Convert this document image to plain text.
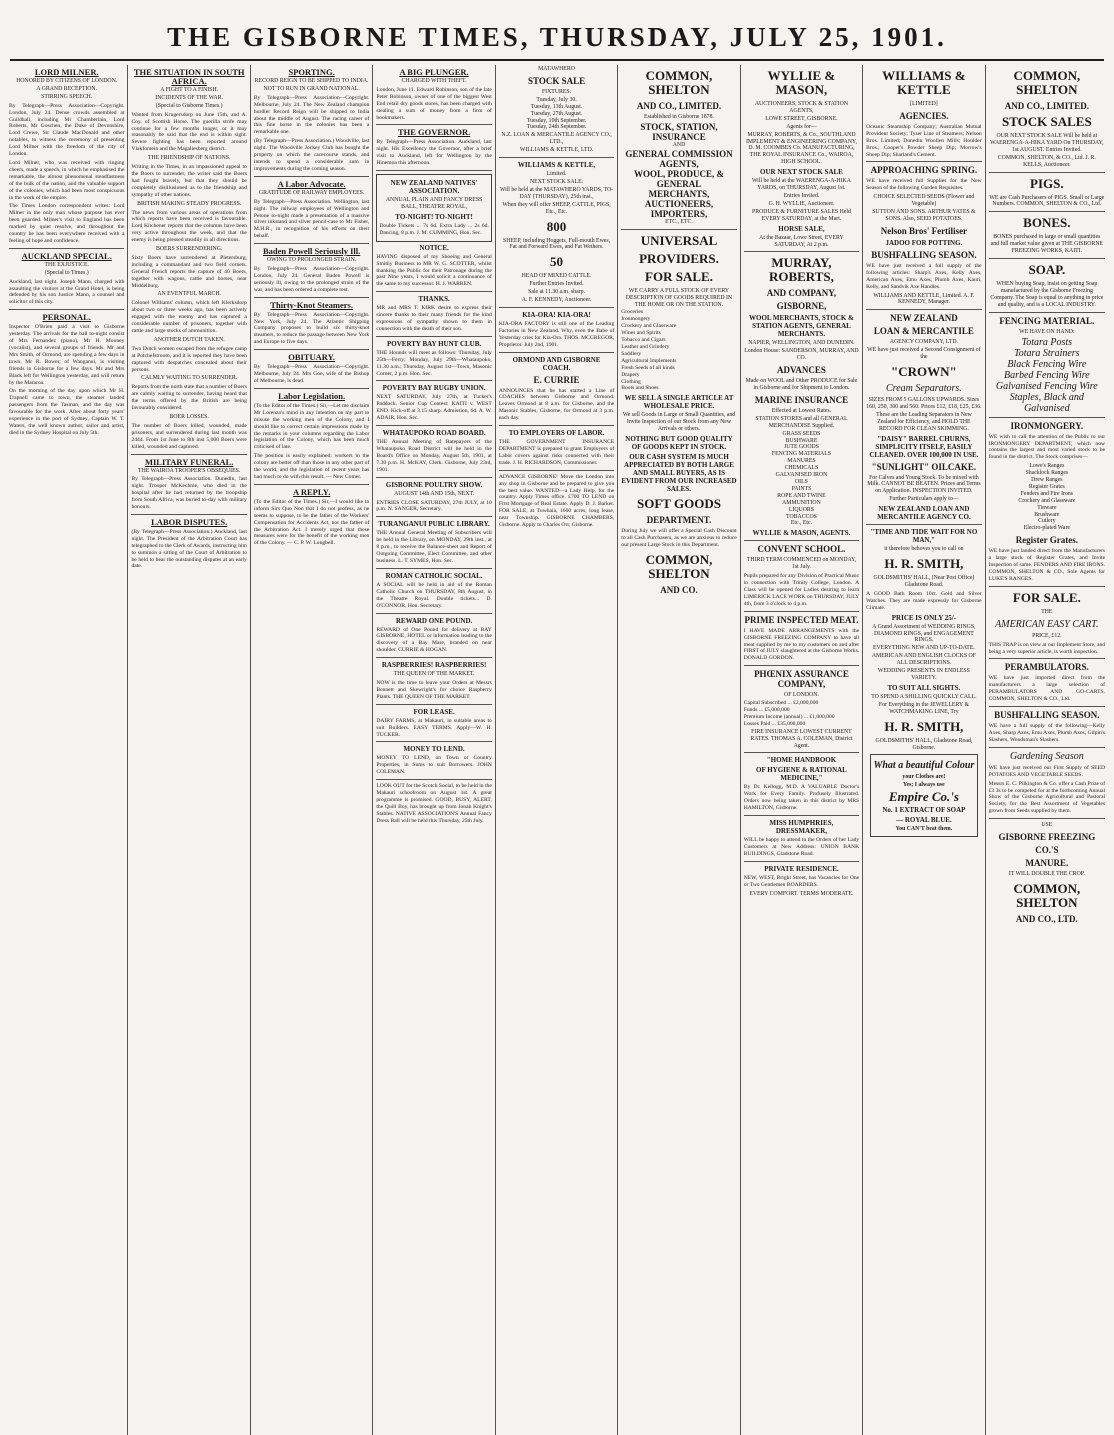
THE GISBORNE TIMES, THURSDAY, JULY 25, 1901.
LORD MILNER.
HONORED BY CITIZENS OF LONDON.
A GRAND RECEPTION.
STIRRING SPEECH.
By Telegraph—Press Association—Copyright. London, July 24. Dense crowds assembled at Guildhall, including Mr Chamberlain, Lord Roberts, Mr Goschen, the Duke of Devonshire, Lord Crewe, Sir Claude MacDonald and other notables, to witness the ceremony of presenting Lord Milner with the freedom of the city of London.
Lord Milner, who was received with ringing cheers, made a speech, in which he emphasised the remarkable, the almost phenomenal steadfastness of the bulk of the nation, and the valuable support of the colonies, which had been most conspicuous in the work of the empire.
The Times London correspondent writes: Lord Milner in the only man whose purpose has ever been guarded. Milner's visit to England has been marked by quiet resolve, and throughout the country he has been everywhere received with a feeling of hope and confidence.
AUCKLAND SPECIAL.
THE EXJUSTICE.
(Special to Times.)
Auckland, last night. Joseph Mann, charged with assaulting the visitors at the Grand Hotel, is being defended by his son Justice Mann, a counsel and solicitor of this city.
PERSONAL.
Inspector O'Brien paid a visit to Gisborne yesterday. The arrivals for the ball to-night consist of Mrs Fernandez (piano), Mr H. Mooney (vocalist), and several groups of friends. Mr and Mrs Smith, of Ormond, are spending a few days in town. Mr R. Bower, of Wanganui, is visiting friends in Gisborne for a few days. Mr and Mrs Black left for Wellington yesterday, and will return by the Mararoa.
On the morning of the day upon which Mr H. Trapnell came to town, the steamer landed passengers from the Tasman, and the day was favourable for the work. After about forty years' experience in the port of Sydney, Captain W. T. Waters, the well known author, sailor and artist, died in the Sydney Hospital on July 5th.
THE SITUATION IN SOUTH AFRICA.
A FIGHT TO A FINISH.
INCIDENTS OF THE WAR.
(Special to Gisborne Times.)
Wanted from Krugersdorp on June 15th, and A. Coy. of Scottish Horse. The guerilla strife may continue for a few months longer, or it may reasonably be said that the end is within sight. Severe fighting has been reported around Vlakfontein and the Magaliesberg district.
THE FRIENDSHIP OF NATIONS.
Writing in the Times, in an impassioned appeal to the Boers to surrender, the writer said the Boers had fought bravely, but that they should be completely disillusioned as to the friendship and sympathy of other nations.
BRITISH MAKING STEADY PROGRESS.
The news from various areas of operations from which reports have been received is favourable. Lord Kitchener reports that the columns have been very active throughout the week, and that the enemy is being pressed steadily in all directions.
BOERS SURRENDERING.
Sixty Boers have surrendered at Pietersburg, including a commandant and two field cornets. General French reports the capture of 40 Boers, together with wagons, cattle and horses, near Middelburg.
AN EVENTFUL MARCH.
Colonel Williams' column, which left Klerksdorp about two or three weeks ago, has been actively engaged with the enemy and has captured a considerable number of prisoners, together with cattle and large stocks of ammunition.
ANOTHER DUTCH TAKEN.
Two Dutch women escaped from the refugee camp at Potchefstroom, and it is reported they have been captured with despatches concealed about their persons.
CALMLY WAITING TO SURRENDER.
Reports from the north state that a number of Boers are calmly waiting to surrender, having heard that the terms offered by the British are being favourably considered.
BOER LOSSES.
The number of Boers killed, wounded, made prisoners, and surrendered during last month was 2444. From 1st June to 8th inst 5,000 Boers were killed, wounded and captured.
MILITARY FUNERAL.
THE WAIROA TROOPER'S OBSEQUIES.
By Telegraph—Press Association. Dunedin, last night. Trooper McKechnie, who died in the hospital after he had returned by the troopship from South Africa, was buried to-day with military honours.
LABOR DISPUTES.
(By Telegraph—Press Association.) Auckland, last night. The President of the Arbitration Court has telegraphed to the Clerk of Awards, instructing him to summon a sitting of the Court of Arbitration to be held to hear the outstanding disputes at an early date.
SPORTING.
RECORD REIGN TO BE SHIPPED TO INDIA.
NOT TO RUN IN GRAND NATIONAL.
By Telegraph—Press Association—Copyright. Melbourne, July 24. The New Zealand champion hurdler Record Reign will be shipped to India about the middle of August. The racing career of this fine horse in the colonies has been a remarkable one.
(By Telegraph—Press Association.) Woodville, last night. The Woodville Jockey Club has bought the property on which the racecourse stands, and intends to spend a considerable sum in improvements during the coming season.
A Labor Advocate.
GRATITUDE OF RAILWAY EMPLOYEES.
By Telegraph—Press Association. Wellington, last night. The railway employees of Wellington and Petone to-night made a presentation of a massive silver inkstand and silver pencil-case to Mr Fisher, M.H.R., in recognition of his efforts on their behalf.
Baden Powell Seriously Ill.
OWING TO PROLONGED STRAIN.
By Telegraph—Press Association—Copyright. London, July 24. General Baden Powell is seriously ill, owing to the prolonged strain of the war, and has been ordered a complete rest.
Thirty-Knot Steamers.
By Telegraph—Press Association—Copyright. New York, July 24. The Atlantic Shipping Company proposes to build six thirty-knot steamers, to reduce the passage between New York and Europe to five days.
OBITUARY.
By Telegraph—Press Association—Copyright. Melbourne, July 24. Mrs Goe, wife of the Bishop of Melbourne, is dead.
Labor Legislation.
(To the Editor of the Times.) Sir,—Let me disclaim Mr Lorenzo's mind in any intention on my part to misuse the working men of the Colony, and I should like to correct certain impressions made by the remarks in your columns regarding the Labor legislation of the Colony, which has been much criticised of late.
The position is easily explained: workers in the colony are better off than those in any other part of the world, and the legislation of recent years has had much to do with this result. — New Comer.
A REPLY.
(To the Editor of the Times.) Sir,—I would like to inform Sirs Quo Non that I do not profess, as he seems to suppose, to be the father of the Workers' Compensation for Accidents Act, nor the father of the Arbitration Act. I merely urged that these measures were for the benefit of the working men of the Colony. — C. P. W. Longbell.
A BIG PLUNGER.
CHARGED WITH THEFT.
London, June 11. Edward Robinson, son of the late Peter Robinson, owner of one of the biggest West End retail dry goods stores, has been charged with stealing a sum of money from a firm of bookmakers.
THE GOVERNOR.
By Telegraph—Press Association. Auckland, last night. His Excellency the Governor, after a brief visit to Auckland, left for Wellington by the Hinemoa this afternoon.
NEW ZEALAND NATIVES' ASSOCIATION.
ANNUAL PLAIN AND FANCY DRESS BALL, THEATRE ROYAL,
TO-NIGHT! TO-NIGHT!
Double Tickets ... 7s 6d. Extra Lady ... 2s 6d. Dancing, 8 p.m. J. M. CUMMING, Hon. Sec.
NOTICE.
HAVING disposed of my Shoeing and General Smithy Business to MR W. G. SCOTTER, whilst thanking the Public for their Patronage during the past Nine years, I would solicit a continuance of the same to my successor. H. J. WARREN.
THANKS.
MR and MRS T. KIRK desire to express their sincere thanks to their many friends for the kind expressions of sympathy shown to them in connection with the death of their son.
POVERTY BAY HUNT CLUB.
THE Hounds will meet as follows: Thursday, July 25th—Ferry; Monday, July 29th—Whataupoko, 11.30 a.m.; Thursday, August 1st—Town, Masonic Corner, 2 p.m. Hon. Sec.
POVERTY BAY RUGBY UNION.
NEXT SATURDAY, July 27th, at Tucker's Paddock. Senior Cup Contest: KAITI v. WEST END. Kick-off at 3.15 sharp. Admission, 6d. A. W. ADAIR, Hon. Sec.
WHATAUPOKO ROAD BOARD.
THE Annual Meeting of Ratepayers of the Whataupoko Road District will be held in the Board's Office on Monday, August 5th, 1901, at 7.30 p.m. H. McKAY, Clerk. Gisborne, July 23rd, 1901.
GISBORNE POULTRY SHOW.
AUGUST 14th AND 15th, NEXT.
ENTRIES CLOSE SATURDAY, 27th JULY, at 10 p.m. N. SANGER, Secretary.
TURANGANUI PUBLIC LIBRARY.
THE Annual General Meeting of Subscribers will be held in the Library, on MONDAY, 29th inst., at 8 p.m., to receive the Balance-sheet and Report of Outgoing Committee, Elect Committee, and other business. L. T. SYMES, Hon. Sec.
ROMAN CATHOLIC SOCIAL.
A SOCIAL will be held in aid of the Roman Catholic Church on THURSDAY, 8th August, in the Theatre Royal. Double tickets... D. O'CONNOR, Hon. Secretary.
REWARD ONE POUND.
REWARD of One Pound for delivery at BAY GISBORNE, HOTEL or information leading to the discovery of a Bay Mare, branded on near shoulder. CURRIE & HOGAN.
RASPBERRIES! RASPBERRIES!
THE QUEEN OF THE MARKET.
NOW is the time to leave your Orders at Messrs Bennett and Skewright's for choice Raspberry Plants. THE QUEEN OF THE MARKET.
FOR LEASE.
DAIRY FARMS, at Makauri, in suitable areas to suit Builders. EASY TERMS. Apply—W. H. TUCKER.
MONEY TO LEND.
MONEY TO LEND, on Town or Country Properties, in Sums to suit Borrowers. JOHN COLEMAN.
LOOK OUT for the Scotch Social, to be held in the Makauri schoolroom on August 1st. A great programme is promised. GOOD, BUSY, ALERT, the Quill Boy, has brought up from Jonah Knight's Stables. NATIVE ASSOCIATION'S Annual Fancy Dress Ball will be held this Thursday, 25th July.
MATAWHERO
STOCK SALE
FIXTURES.
Tuesday, July 30.
Tuesday, 13th August.
Tuesday, 27th August.
Tuesday, 10th September.
Tuesday, 24th September.
N.Z. LOAN & MERCANTILE AGENCY CO., LTD.,
WILLIAMS & KETTLE, LTD.
WILLIAMS & KETTLE,
Limited.
NEXT STOCK SALE.
Will be held at the MATAWHERO YARDS, TO-DAY (THURSDAY), 25th inst.,
When they will offer SHEEP, CATTLE, PIGS, Etc., Etc.
800
SHEEP, including Hoggets, Full-mouth Ewes, Fat and Forward Ewes, and Fat Wethers.
50
HEAD OF MIXED CATTLE.
Further Entries Invited.
Sale at 11.30 a.m. sharp.
A. F. KENNEDY, Auctioneer.
KIA-ORA! KIA-ORA!
KIA-ORA FACTORY is still one of the Leading Factories in New Zealand. Why, even the Babe of Yesterday cries for Kia-Ora. THOS. MCGREGOR, Proprietor. July 2nd, 1901.
ORMOND AND GISBORNE COACH.
E. CURRIE
ANNOUNCES that he has started a Line of COACHES between Gisborne and Ormond. Leaves Ormond at 8 a.m. for Gisborne, and the Masonic Stables, Gisborne, for Ormond at 3 p.m. each day.
TO EMPLOYERS OF LABOR.
THE GOVERNMENT INSURANCE DEPARTMENT is prepared to grant Employers of Labor covers against risks connected with their trade. J. H. RICHARDSON, Commissioner.
ADVANCE GISBORNE! Move the London into any shop in Gisborne and be prepared to give you the best value. WANTED—a Lady Help, for the country. Apply Times office. £700 TO LEND on First Mortgage of Real Estate. Apply D. J. Barker. FOR SALE, at Tuwhaia, 1600 acres, long lease, near Township. GISBORNE CHAMBERS, Gisborne. Apply to Charles Orr, Gisborne.
COMMON, SHELTON
AND CO., LIMITED.
Established in Gisborne 1878.
STOCK, STATION, INSURANCE
AND
GENERAL COMMISSION
AGENTS,
WOOL, PRODUCE, & GENERAL
MERCHANTS,
AUCTIONEERS, IMPORTERS,
ETC., ETC.
UNIVERSAL
PROVIDERS.
FOR SALE.
WE CARRY A FULL STOCK OF EVERY DESCRIPTION OF GOODS REQUIRED IN THE HOME OR ON THE STATION.
Groceries
Ironmongery
Crockery and Glassware
Wines and Spirits
Tobacco and Cigars
Leather and Grindery
Saddlery
Agricultural Implements
Fresh Seeds of all kinds
Drapery
Clothing
Boots and Shoes
WE SELL A SINGLE ARTICLE AT WHOLESALE PRICE.
We sell Goods in Large or Small Quantities, and Invite Inspection of our Stock from any New Arrivals or others.
NOTHING BUT GOOD QUALITY OF GOODS KEPT IN STOCK.
OUR CASH SYSTEM IS MUCH APPRECIATED BY BOTH LARGE AND SMALL BUYERS, AS IS EVIDENT FROM OUR INCREASED SALES.
SOFT GOODS
DEPARTMENT.
During July we will offer a Special Cash Discount to all Cash Purchasers, as we are anxious to reduce our present Large Stock in this Department.
COMMON, SHELTON
AND CO.
WYLLIE & MASON,
AUCTIONEERS, STOCK & STATION AGENTS,
LOWE STREET, GISBORNE.
Agents for—
MURRAY, ROBERTS, & Co., SOUTHLAND IMPLEMENT & ENGINEERING COMPANY, D. M. COOMBES Co. MANUFACTURING, THE ROYAL INSURANCE Co., WAIROA, HIGH SCHOOL.
OUR NEXT STOCK SALE
Will be held at the WAERENGA-A-HIKA YARDS, on THURSDAY, August 1st.
Entries Invited.
G. H. WYLLIE, Auctioneer.
PRODUCE & FURNITURE SALES Held EVERY SATURDAY, at the Mart.
HORSE SALE,
At the Bazaar, Lowe Street, EVERY SATURDAY, At 2 p.m.
MURRAY, ROBERTS,
AND COMPANY,
GISBORNE,
WOOL MERCHANTS, STOCK & STATION AGENTS, GENERAL MERCHANTS.
NAPIER, WELLINGTON, AND DUNEDIN.
London House: SANDERSON, MURRAY, AND CO.
ADVANCES
Made on WOOL and Other PRODUCE for Sale in Gisborne and for Shipment to London.
MARINE INSURANCE
Effected at Lowest Rates.
STATION STORES and all GENERAL MERCHANDISE Supplied.
GRASS SEEDS
BUSHWARE
JUTE GOODS
FENCING MATERIALS
MANURES
CHEMICALS
GALVANISED IRON
OILS
PAINTS
ROPE AND TWINE
AMMUNITION
LIQUORS
TOBACCOS
Etc., Etc.
WYLLIE & MASON, AGENTS.
CONVENT SCHOOL.
THIRD TERM COMMENCED on MONDAY, 1st July.
Pupils prepared for any Division of Practical Music in connection with Trinity College, London. A Class will be opened for Ladies desiring to learn LIMERICK LACE WORK on THURSDAY, JULY 4th, from 3 o'clock to 4 p.m.
PRIME INSPECTED MEAT.
I HAVE MADE ARRANGEMENTS with the GISBORNE FREEZING COMPANY to have all meat supplied by me to my customers on and after FIRST of JULY slaughtered at the Gisborne Works. DONALD GORDON.
PHŒNIX ASSURANCE COMPANY,
OF LONDON.
Capital Subscribed ... £2,000,000
Funds ... £5,000,000
Premium Income (annual) ... £1,000,000
Losses Paid ... £35,000,000
FIRE INSURANCE LOWEST CURRENT RATES. THOMAS A. COLEMAN, District Agent.
"HOME HANDBOOK
OF HYGIENE & RATIONAL MEDICINE,"
By Dr. Kellogg, M.D. A VALUABLE Doctor's Work for Every Family. Profusely Illustrated. Orders now being taken in this district by MRS HAMILTON, Gisborne.
MISS HUMPHRIES, DRESSMAKER,
WILL be happy to attend to the Orders of her Lady Customers at New Address: UNION BANK BUILDINGS, Gladstone Road.
PRIVATE RESIDENCE.
NEW, WEST, Bright Street, has Vacancies for One or Two Gentlemen BOARDERS.
EVERY COMFORT. TERMS MODERATE.
WILLIAMS & KETTLE
[LIMITED]
AGENCIES.
Oceanic Steamship Company; Australian Mutual Provident Society; Tyser Line of Steamers; Nelson Bros. Limited; Dunedin Woollen Mills; Houlder Bros.; Cooper's Powder Sheep Dip; Morrow's Sheep Dip; Sharland's Cement.
APPROACHING SPRING.
WE have received full Supplies for the New Season of the following Garden Requisites.
CHOICE SELECTED SEEDS (Flower and Vegetable)
SUTTON AND SONS. ARTHUR YATES & SONS. Also, SEED POTATOES.
Nelson Bros' Fertiliser
JADOO FOR POTTING.
BUSHFALLING SEASON.
WE have just received a full supply of the following articles: Sharp's Axes, Kelly Axes, American Axes, Emu Axes, Plumb Axes, Kauri, Kelly, and Sandvik Axe Handles.
WILLIAMS AND KETTLE, Limited. A. F. KENNEDY, Manager.
NEW ZEALAND
LOAN & MERCANTILE
AGENCY COMPANY, LTD.
WE have just received a Second Consignment of the
"CROWN"
Cream Separators.
SIZES FROM 5 GALLONS UPWARDS. Sizes 160, 250, 300 and 560. Prices £12, £18, £25, £36.
These are the Leading Separators in New Zealand for Efficiency, and HOLD THE RECORD FOR CLEAN SKIMMING.
"DAISY" BARREL CHURNS, SIMPLICITY ITSELF, EASILY CLEANED. OVER 100,000 IN USE.
"SUNLIGHT" OILCAKE.
For Calves and Young Stock. To be mixed with Milk. CANNOT BE BEATEN. Prices and Terms on Application. INSPECTION INVITED.
Further Particulars apply to—
NEW ZEALAND LOAN AND MERCANTILE AGENCY CO.
"TIME AND TIDE WAIT FOR NO MAN,"
it therefore behoves you to call on
H. R. SMITH,
GOLDSMITHS' HALL, (Near Post Office) Gladstone Road.
A GOOD Bath Room 10ct. Gold and Silver Watches. They are made expressly for Gisborne Climate.
PRICE IS ONLY 25/-
A Grand Assortment of WEDDING RINGS, DIAMOND RINGS, and ENGAGEMENT RINGS.
EVERYTHING NEW AND UP-TO-DATE.
AMERICAN AND ENGLISH CLOCKS OF ALL DESCRIPTIONS.
WEDDING PRESENTS IN ENDLESS VARIETY.
TO SUIT ALL SIGHTS.
TO SPEND A SHILLING QUICKLY CALL.
For Everything in the JEWELLERY & WATCHMAKING LINE, Try
H. R. SMITH,
GOLDSMITHS' HALL, Gladstone Road, Gisborne.
What a beautiful Colour
your Clothes are!
Yes; I always use
Empire Co.'s
No. 1 EXTRACT OF SOAP
— ROYAL BLUE.
You CAN'T beat them.
COMMON, SHELTON
AND CO., LIMITED.
STOCK SALES
OUR NEXT STOCK SALE Will be held at WAERENGA-A-HIKA YARD On THURSDAY, 1st AUGUST. Entries Invited.
COMMON, SHELTON, & CO., Ltd. J. R. KELLS, Auctioneer.
PIGS.
WE are Cash Purchasers of PIGS. Small or Large Numbers. COMMON, SHELTON & CO., Ltd.
BONES.
BONES purchased in large or small quantities and full market value given at THE GISBORNE FREEZING WORKS, KAITI.
SOAP.
WHEN buying Soap, insist on getting Soap manufactured by the Gisborne Freezing Company. The Soap is equal to anything in price and quality, and is a LOCAL INDUSTRY.
FENCING MATERIAL.
WE HAVE ON HAND:
Totara Posts
Totara Strainers
Black Fencing Wire
Barbed Fencing Wire
Galvanised Fencing Wire
Staples, Black and Galvanised
IRONMONGERY.
WE wish to call the attention of the Public to our IRONMONGERY DEPARTMENT, which now contains the largest and most varied stock to be found in the district. The Stock comprises—
Lowe's Ranges
Shacklock Ranges
Drew Ranges
Register Grates
Fenders and Fire Irons
Crockery and Glassware
Tinware
Brushware
Cutlery
Electro-plated Ware
Register Grates.
WE have just landed direct from the Manufacturers a large stock of Register Grates, and Invite Inspection of same. FENDERS AND FIRE IRONS. COMMON, SHELTON & CO., Sole Agents for LUKE'S RANGES.
FOR SALE.
THE
AMERICAN EASY CART.
PRICE, £12.
THIS TRAP is on view at our Implement Store, and being a very superior article, is worth inspection.
PERAMBULATORS.
WE have just imported direct from the manufacturers a large selection of PERAMBULATORS AND GO-CARTS. COMMON, SHELTON & CO., Ltd.
BUSHFALLING SEASON.
WE have a full supply of the following—Kelly Axes, Sharp Axes, Emu Axes, Plumb Axes, Gilpin's Slashers, Woodsman's Slashers.
Gardening Season
WE have just received our First Supply of SEED POTATOES AND VEGETABLE SEEDS.
Messrs E. C. Pilkington & Co. offer a Cash Prize of £3 3s to be competed for at the forthcoming Annual Show of the Gisborne Agricultural and Pastoral Society, for the Best Assortment of Vegetables grown from Seeds supplied by them.
USE
GISBORNE FREEZING
CO.'S
MANURE.
IT WILL DOUBLE THE CROP.
COMMON, SHELTON
AND CO., LTD.
